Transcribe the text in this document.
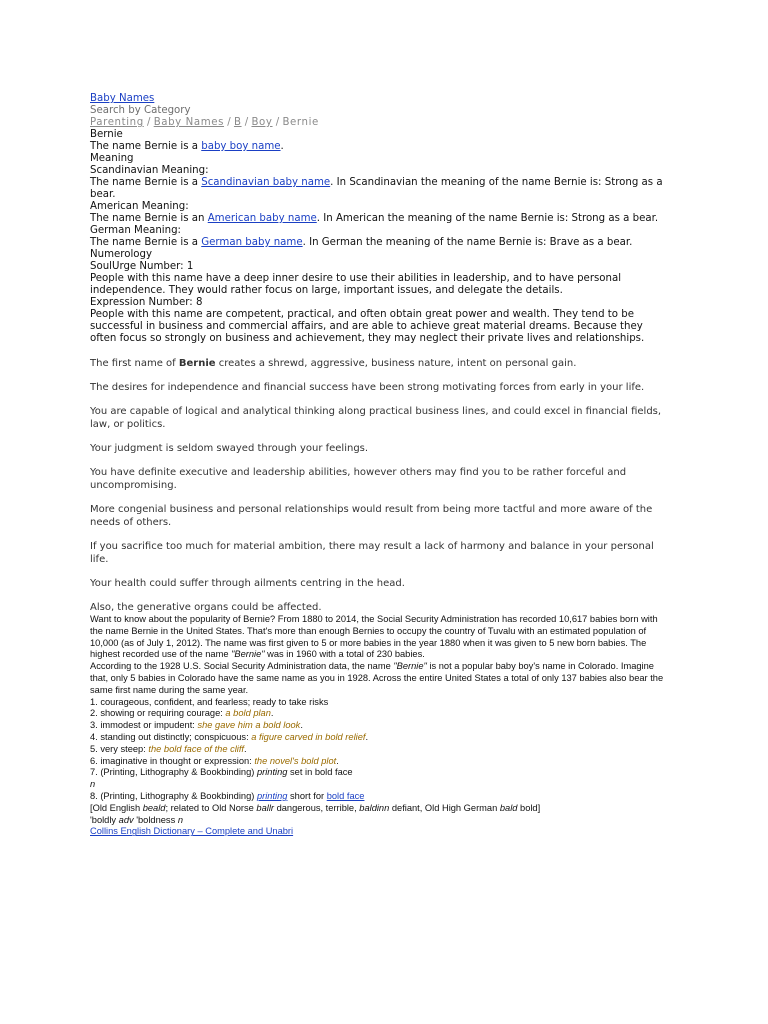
Baby Names
Search by Category
Parenting / Baby Names / B / Boy / Bernie
Bernie
The name Bernie is a baby boy name.
Meaning
Scandinavian Meaning:
The name Bernie is a Scandinavian baby name. In Scandinavian the meaning of the name Bernie is: Strong as a bear.
American Meaning:
The name Bernie is an American baby name. In American the meaning of the name Bernie is: Strong as a bear.
German Meaning:
The name Bernie is a German baby name. In German the meaning of the name Bernie is: Brave as a bear.
Numerology
SoulUrge Number: 1
People with this name have a deep inner desire to use their abilities in leadership, and to have personal independence. They would rather focus on large, important issues, and delegate the details.
Expression Number: 8
People with this name are competent, practical, and often obtain great power and wealth. They tend to be successful in business and commercial affairs, and are able to achieve great material dreams. Because they often focus so strongly on business and achievement, they may neglect their private lives and relationships.
The first name of Bernie creates a shrewd, aggressive, business nature, intent on personal gain.
The desires for independence and financial success have been strong motivating forces from early in your life.
You are capable of logical and analytical thinking along practical business lines, and could excel in financial fields, law, or politics.
Your judgment is seldom swayed through your feelings.
You have definite executive and leadership abilities, however others may find you to be rather forceful and uncompromising.
More congenial business and personal relationships would result from being more tactful and more aware of the needs of others.
If you sacrifice too much for material ambition, there may result a lack of harmony and balance in your personal life.
Your health could suffer through ailments centring in the head.
Also, the generative organs could be affected.
Want to know about the popularity of Bernie? From 1880 to 2014, the Social Security Administration has recorded 10,617 babies born with the name Bernie in the United States. That's more than enough Bernies to occupy the country of Tuvalu with an estimated population of 10,000 (as of July 1, 2012). The name was first given to 5 or more babies in the year 1880 when it was given to 5 new born babies. The highest recorded use of the name "Bernie" was in 1960 with a total of 230 babies.
According to the 1928 U.S. Social Security Administration data, the name "Bernie" is not a popular baby boy's name in Colorado. Imagine that, only 5 babies in Colorado have the same name as you in 1928. Across the entire United States a total of only 137 babies also bear the same first name during the same year.
1. courageous, confident, and fearless; ready to take risks
2. showing or requiring courage: a bold plan.
3. immodest or impudent: she gave him a bold look.
4. standing out distinctly; conspicuous: a figure carved in bold relief.
5. very steep: the bold face of the cliff.
6. imaginative in thought or expression: the novel's bold plot.
7. (Printing, Lithography & Bookbinding) printing set in bold face
n
8. (Printing, Lithography & Bookbinding) printing short for bold face
[Old English beald; related to Old Norse ballr dangerous, terrible, baldinn defiant, Old High German bald bold]
'boldly adv 'boldness n
Collins English Dictionary – Complete and Unabri
